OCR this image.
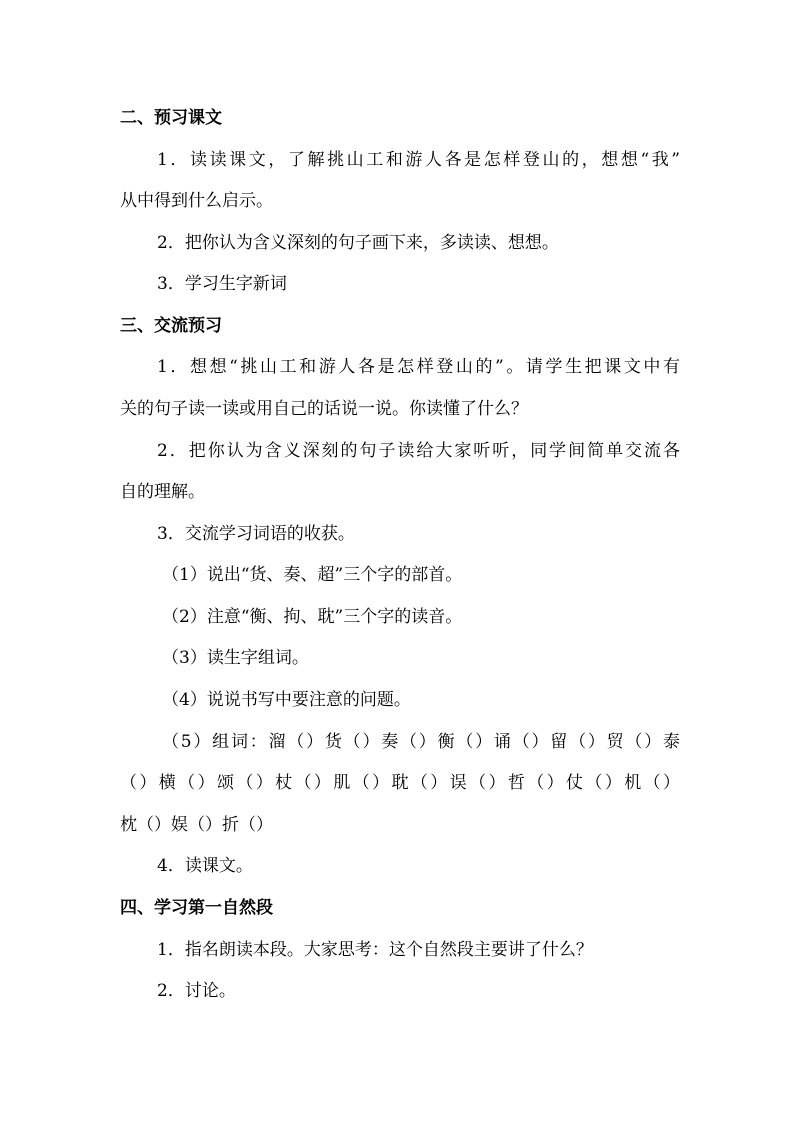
二、预习课文
1．读读课文，了解挑山工和游人各是怎样登山的，想想“我”
从中得到什么启示。
2．把你认为含义深刻的句子画下来，多读读、想想。
3．学习生字新词
三、交流预习
1．想想“挑山工和游人各是怎样登山的”。请学生把课文中有
关的句子读一读或用自己的话说一说。你读懂了什么？
2．把你认为含义深刻的句子读给大家听听，同学间简单交流各
自的理解。
3．交流学习词语的收获。
（1）说出“货、奏、超”三个字的部首。
（2）注意“衡、拘、耽”三个字的读音。
（3）读生字组词。
（4）说说书写中要注意的问题。
（5）组词：溜（）货（）奏（）衡（）诵（）留（）贸（）泰
（）横（）颂（）杖（）肌（）耽（）误（）哲（）仗（）机（）
枕（）娱（）折（）
4．读课文。
四、学习第一自然段
1．指名朗读本段。大家思考：这个自然段主要讲了什么？
2．讨论。
